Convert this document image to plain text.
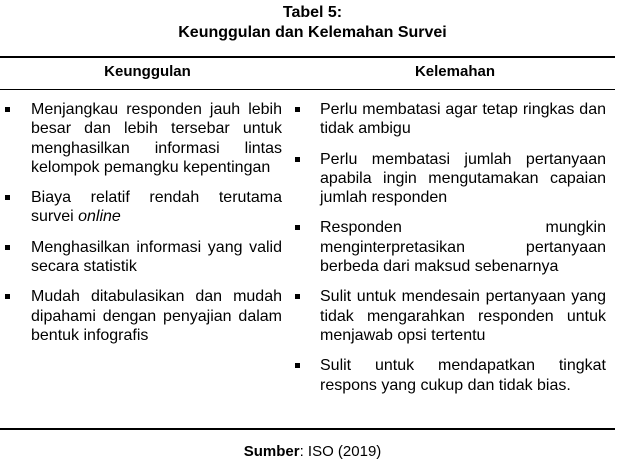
Tabel 5:
Keunggulan dan Kelemahan Survei
Keunggulan	Kelemahan
Menjangkau responden jauh lebih besar dan lebih tersebar untuk menghasilkan informasi lintas kelompok pemangku kepentingan
Biaya relatif rendah terutama survei online
Menghasilkan informasi yang valid secara statistik
Mudah ditabulasikan dan mudah dipahami dengan penyajian dalam bentuk infografis
Perlu membatasi agar tetap ringkas dan tidak ambigu
Perlu membatasi jumlah pertanyaan apabila ingin mengutamakan capaian jumlah responden
Responden mungkin menginterpretasikan pertanyaan berbeda dari maksud sebenarnya
Sulit untuk mendesain pertanyaan yang tidak mengarahkan responden untuk menjawab opsi tertentu
Sulit untuk mendapatkan tingkat respons yang cukup dan tidak bias.
Sumber: ISO (2019)
